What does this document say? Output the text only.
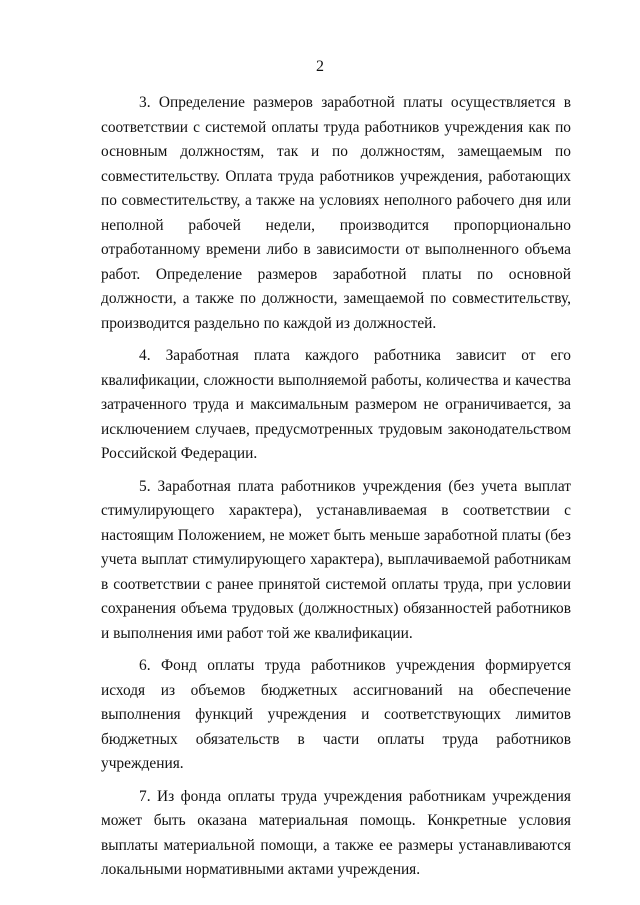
2

3. Определение размеров заработной платы осуществляется в соответствии с системой оплаты труда работников учреждения как по основным должностям, так и по должностям, замещаемым по совместительству. Оплата труда работников учреждения, работающих по совместительству, а также на условиях неполного рабочего дня или неполной рабочей недели, производится пропорционально отработанному времени либо в зависимости от выполненного объема работ. Определение размеров заработной платы по основной должности, а также по должности, замещаемой по совместительству, производится раздельно по каждой из должностей.

4. Заработная плата каждого работника зависит от его квалификации, сложности выполняемой работы, количества и качества затраченного труда и максимальным размером не ограничивается, за исключением случаев, предусмотренных трудовым законодательством Российской Федерации.

5. Заработная плата работников учреждения (без учета выплат стимулирующего характера), устанавливаемая в соответствии с настоящим Положением, не может быть меньше заработной платы (без учета выплат стимулирующего характера), выплачиваемой работникам в соответствии с ранее принятой системой оплаты труда, при условии сохранения объема трудовых (должностных) обязанностей работников и выполнения ими работ той же квалификации.

6. Фонд оплаты труда работников учреждения формируется исходя из объемов бюджетных ассигнований на обеспечение выполнения функций учреждения и соответствующих лимитов бюджетных обязательств в части оплаты труда работников учреждения.

7. Из фонда оплаты труда учреждения работникам учреждения может быть оказана материальная помощь. Конкретные условия выплаты материальной помощи, а также ее размеры устанавливаются локальными нормативными актами учреждения.
